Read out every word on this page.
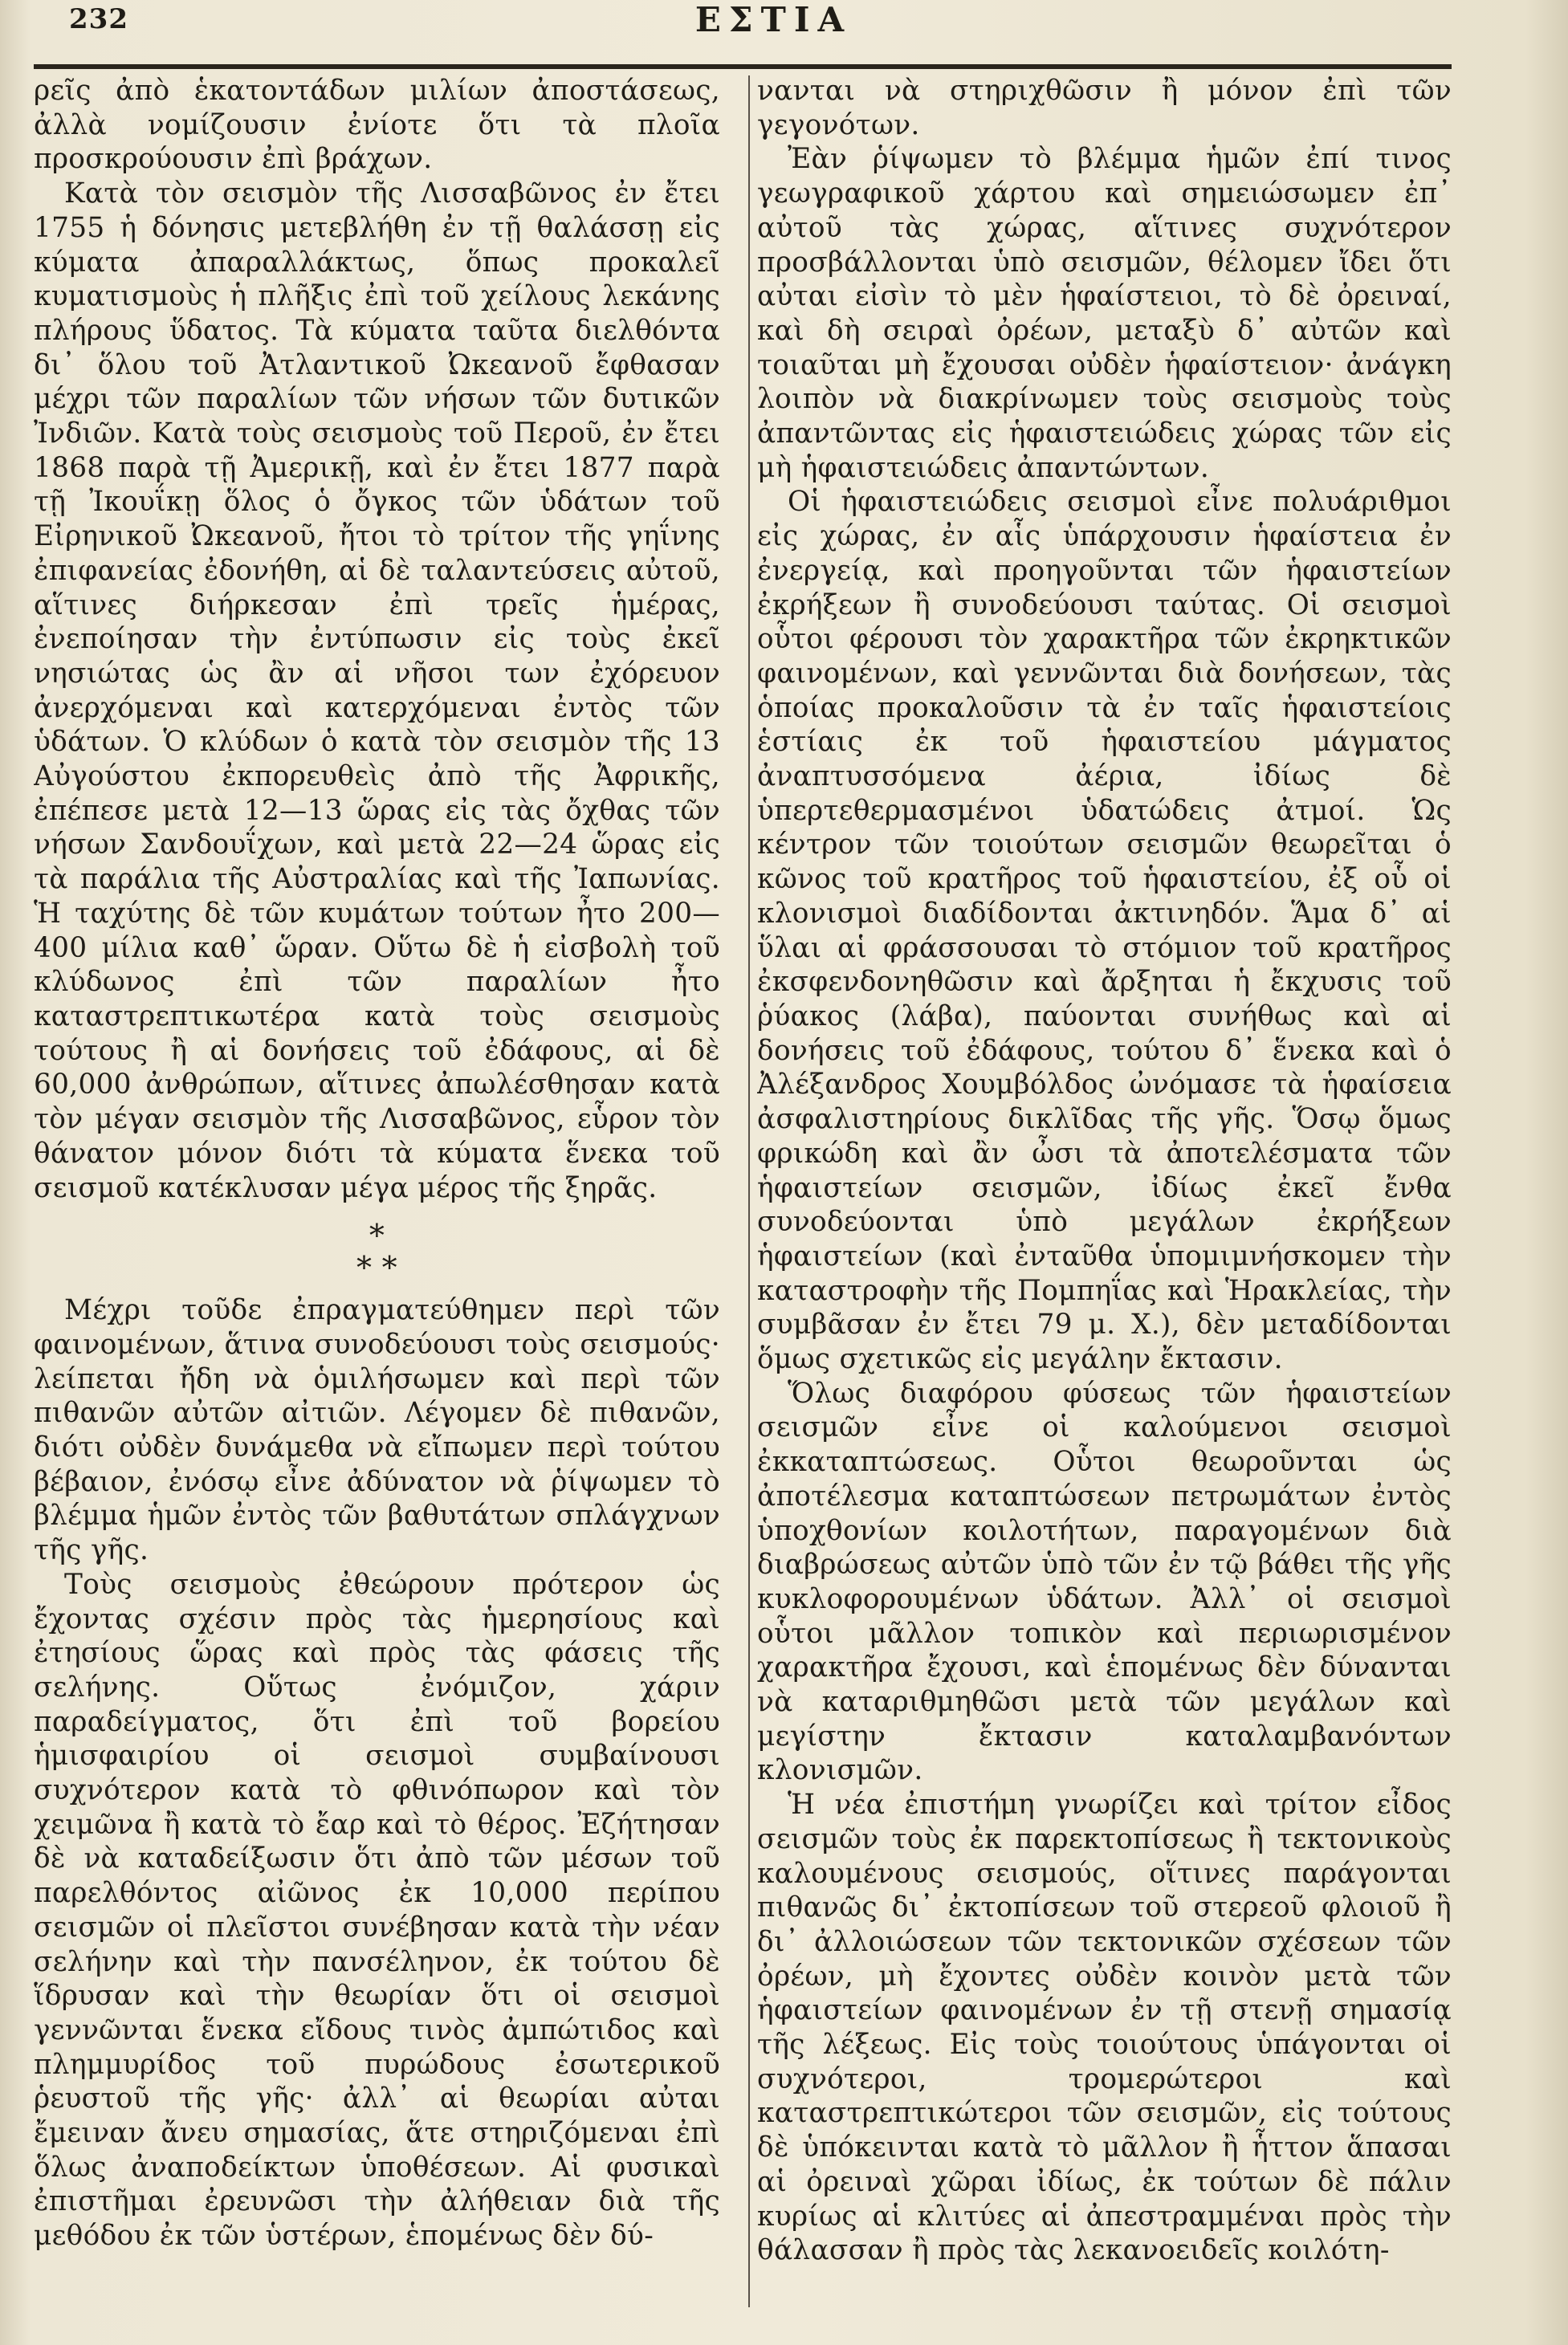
232	ΕΣΤΙΑ

ρεῖς ἀπὸ ἑκατοντάδων μιλίων ἀποστάσεως, ἀλλὰ νομίζουσιν ἐνίοτε ὅτι τὰ πλοῖα προσκρούουσιν ἐπὶ βράχων.

Κατὰ τὸν σεισμὸν τῆς Λισσαβῶνος ἐν ἔτει 1755 ἡ δόνησις μετεβλήθη ἐν τῇ θαλάσσῃ εἰς κύματα ἀπαραλλάκτως, ὅπως προκαλεῖ κυματισμοὺς ἡ πλῆξις ἐπὶ τοῦ χείλους λεκάνης πλήρους ὕδατος. Τὰ κύματα ταῦτα διελθόντα δι᾽ ὅλου τοῦ Ἀτλαντικοῦ Ὠκεανοῦ ἔφθασαν μέχρι τῶν παραλίων τῶν νήσων τῶν δυτικῶν Ἰνδιῶν. Κατὰ τοὺς σεισμοὺς τοῦ Περοῦ, ἐν ἔτει 1868 παρὰ τῇ Ἀμερικῇ, καὶ ἐν ἔτει 1877 παρὰ τῇ Ἰκουΐκῃ ὅλος ὁ ὄγκος τῶν ὑδάτων τοῦ Εἰρηνικοῦ Ὠκεανοῦ, ἤτοι τὸ τρίτον τῆς γηΐνης ἐπιφανείας ἐδονήθη, αἱ δὲ ταλαντεύσεις αὐτοῦ, αἵτινες διήρκεσαν ἐπὶ τρεῖς ἡμέρας, ἐνεποίησαν τὴν ἐντύπωσιν εἰς τοὺς ἐκεῖ νησιώτας ὡς ἂν αἱ νῆσοι των ἐχόρευον ἀνερχόμεναι καὶ κατερχόμεναι ἐντὸς τῶν ὑδάτων. Ὁ κλύδων ὁ κατὰ τὸν σεισμὸν τῆς 13 Αὐγούστου ἐκπορευθεὶς ἀπὸ τῆς Ἀφρικῆς, ἐπέπεσε μετὰ 12—13 ὥρας εἰς τὰς ὄχθας τῶν νήσων Σανδουΐχων, καὶ μετὰ 22—24 ὥρας εἰς τὰ παράλια τῆς Αὐστραλίας καὶ τῆς Ἰαπωνίας. Ἡ ταχύτης δὲ τῶν κυμάτων τούτων ἦτο 200—400 μίλια καθ᾽ ὥραν. Οὕτω δὲ ἡ εἰσβολὴ τοῦ κλύδωνος ἐπὶ τῶν παραλίων ἦτο καταστρεπτικωτέρα κατὰ τοὺς σεισμοὺς τούτους ἢ αἱ δονήσεις τοῦ ἐδάφους, αἱ δὲ 60,000 ἀνθρώπων, αἵτινες ἀπωλέσθησαν κατὰ τὸν μέγαν σεισμὸν τῆς Λισσαβῶνος, εὗρον τὸν θάνατον μόνον διότι τὰ κύματα ἕνεκα τοῦ σεισμοῦ κατέκλυσαν μέγα μέρος τῆς ξηρᾶς.

*
* *

Μέχρι τοῦδε ἐπραγματεύθημεν περὶ τῶν φαινομένων, ἅτινα συνοδεύουσι τοὺς σεισμούς· λείπεται ἤδη νὰ ὁμιλήσωμεν καὶ περὶ τῶν πιθανῶν αὐτῶν αἰτιῶν. Λέγομεν δὲ πιθανῶν, διότι οὐδὲν δυνάμεθα νὰ εἴπωμεν περὶ τούτου βέβαιον, ἐνόσῳ εἶνε ἀδύνατον νὰ ῥίψωμεν τὸ βλέμμα ἡμῶν ἐντὸς τῶν βαθυτάτων σπλάγχνων τῆς γῆς.

Τοὺς σεισμοὺς ἐθεώρουν πρότερον ὡς ἔχοντας σχέσιν πρὸς τὰς ἡμερησίους καὶ ἐτησίους ὥρας καὶ πρὸς τὰς φάσεις τῆς σελήνης. Οὕτως ἐνόμιζον, χάριν παραδείγματος, ὅτι ἐπὶ τοῦ βορείου ἡμισφαιρίου οἱ σεισμοὶ συμβαίνουσι συχνότερον κατὰ τὸ φθινόπωρον καὶ τὸν χειμῶνα ἢ κατὰ τὸ ἔαρ καὶ τὸ θέρος. Ἐζήτησαν δὲ νὰ καταδείξωσιν ὅτι ἀπὸ τῶν μέσων τοῦ παρελθόντος αἰῶνος ἐκ 10,000 περίπου σεισμῶν οἱ πλεῖστοι συνέβησαν κατὰ τὴν νέαν σελήνην καὶ τὴν πανσέληνον, ἐκ τούτου δὲ ἵδρυσαν καὶ τὴν θεωρίαν ὅτι οἱ σεισμοὶ γεννῶνται ἕνεκα εἴδους τινὸς ἀμπώτιδος καὶ πλημμυρίδος τοῦ πυρώδους ἐσωτερικοῦ ῥευστοῦ τῆς γῆς· ἀλλ᾽ αἱ θεωρίαι αὐται ἔμειναν ἄνευ σημασίας, ἅτε στηριζόμεναι ἐπὶ ὅλως ἀναποδείκτων ὑποθέσεων. Αἱ φυσικαὶ ἐπιστῆμαι ἐρευνῶσι τὴν ἀλήθειαν διὰ τῆς μεθόδου ἐκ τῶν ὑστέρων, ἑπομένως δὲν δύ-

νανται νὰ στηριχθῶσιν ἢ μόνον ἐπὶ τῶν γεγονότων.

Ἐὰν ῥίψωμεν τὸ βλέμμα ἡμῶν ἐπί τινος γεωγραφικοῦ χάρτου καὶ σημειώσωμεν ἐπ᾽ αὐτοῦ τὰς χώρας, αἵτινες συχνότερον προσβάλλονται ὑπὸ σεισμῶν, θέλομεν ἴδει ὅτι αὐται εἰσὶν τὸ μὲν ἡφαίστειοι, τὸ δὲ ὀρειναί, καὶ δὴ σειραὶ ὀρέων, μεταξὺ δ᾽ αὐτῶν καὶ τοιαῦται μὴ ἔχουσαι οὐδὲν ἡφαίστειον· ἀνάγκη λοιπὸν νὰ διακρίνωμεν τοὺς σεισμοὺς τοὺς ἀπαντῶντας εἰς ἡφαιστειώδεις χώρας τῶν εἰς μὴ ἡφαιστειώδεις ἀπαντώντων.

Οἱ ἡφαιστειώδεις σεισμοὶ εἶνε πολυάριθμοι εἰς χώρας, ἐν αἷς ὑπάρχουσιν ἡφαίστεια ἐν ἐνεργείᾳ, καὶ προηγοῦνται τῶν ἡφαιστείων ἐκρήξεων ἢ συνοδεύουσι ταύτας. Οἱ σεισμοὶ οὗτοι φέρουσι τὸν χαρακτῆρα τῶν ἐκρηκτικῶν φαινομένων, καὶ γεννῶνται διὰ δονήσεων, τὰς ὁποίας προκαλοῦσιν τὰ ἐν ταῖς ἡφαιστείοις ἑστίαις ἐκ τοῦ ἡφαιστείου μάγματος ἀναπτυσσόμενα ἀέρια, ἰδίως δὲ ὑπερτεθερμασμένοι ὑδατώδεις ἀτμοί. Ὡς κέντρον τῶν τοιούτων σεισμῶν θεωρεῖται ὁ κῶνος τοῦ κρατῆρος τοῦ ἡφαιστείου, ἐξ οὗ οἱ κλονισμοὶ διαδίδονται ἀκτινηδόν. Ἅμα δ᾽ αἱ ὕλαι αἱ φράσσουσαι τὸ στόμιον τοῦ κρατῆρος ἐκσφενδονηθῶσιν καὶ ἄρξηται ἡ ἔκχυσις τοῦ ῥύακος (λάβα), παύονται συνήθως καὶ αἱ δονήσεις τοῦ ἐδάφους, τούτου δ᾽ ἕνεκα καὶ ὁ Ἀλέξανδρος Χουμβόλδος ὠνόμασε τὰ ἡφαίσεια ἀσφαλιστηρίους δικλῖδας τῆς γῆς. Ὅσῳ ὅμως φρικώδη καὶ ἂν ὦσι τὰ ἀποτελέσματα τῶν ἡφαιστείων σεισμῶν, ἰδίως ἐκεῖ ἔνθα συνοδεύονται ὑπὸ μεγάλων ἐκρήξεων ἡφαιστείων (καὶ ἐνταῦθα ὑπομιμνήσκομεν τὴν καταστροφὴν τῆς Πομπηΐας καὶ Ἡρακλείας, τὴν συμβᾶσαν ἐν ἔτει 79 μ. Χ.), δὲν μεταδίδονται ὅμως σχετικῶς εἰς μεγάλην ἔκτασιν.

Ὅλως διαφόρου φύσεως τῶν ἡφαιστείων σεισμῶν εἶνε οἱ καλούμενοι σεισμοὶ ἐκκαταπτώσεως. Οὗτοι θεωροῦνται ὡς ἀποτέλεσμα καταπτώσεων πετρωμάτων ἐντὸς ὑποχθονίων κοιλοτήτων, παραγομένων διὰ διαβρώσεως αὐτῶν ὑπὸ τῶν ἐν τῷ βάθει τῆς γῆς κυκλοφορουμένων ὑδάτων. Ἀλλ᾽ οἱ σεισμοὶ οὗτοι μᾶλλον τοπικὸν καὶ περιωρισμένον χαρακτῆρα ἔχουσι, καὶ ἑπομένως δὲν δύνανται νὰ καταριθμηθῶσι μετὰ τῶν μεγάλων καὶ μεγίστην ἔκτασιν καταλαμβανόντων κλονισμῶν.

Ἡ νέα ἐπιστήμη γνωρίζει καὶ τρίτον εἶδος σεισμῶν τοὺς ἐκ παρεκτοπίσεως ἢ τεκτονικοὺς καλουμένους σεισμούς, οἵτινες παράγονται πιθανῶς δι᾽ ἐκτοπίσεων τοῦ στερεοῦ φλοιοῦ ἢ δι᾽ ἀλλοιώσεων τῶν τεκτονικῶν σχέσεων τῶν ὀρέων, μὴ ἔχοντες οὐδὲν κοινὸν μετὰ τῶν ἡφαιστείων φαινομένων ἐν τῇ στενῇ σημασίᾳ τῆς λέξεως. Εἰς τοὺς τοιούτους ὑπάγονται οἱ συχνότεροι, τρομερώτεροι καὶ καταστρεπτικώτεροι τῶν σεισμῶν, εἰς τούτους δὲ ὑπόκεινται κατὰ τὸ μᾶλλον ἢ ἧττον ἅπασαι αἱ ὀρειναὶ χῶραι ἰδίως, ἐκ τούτων δὲ πάλιν κυρίως αἱ κλιτύες αἱ ἀπεστραμμέναι πρὸς τὴν θάλασσαν ἢ πρὸς τὰς λεκανοειδεῖς κοιλότη-
